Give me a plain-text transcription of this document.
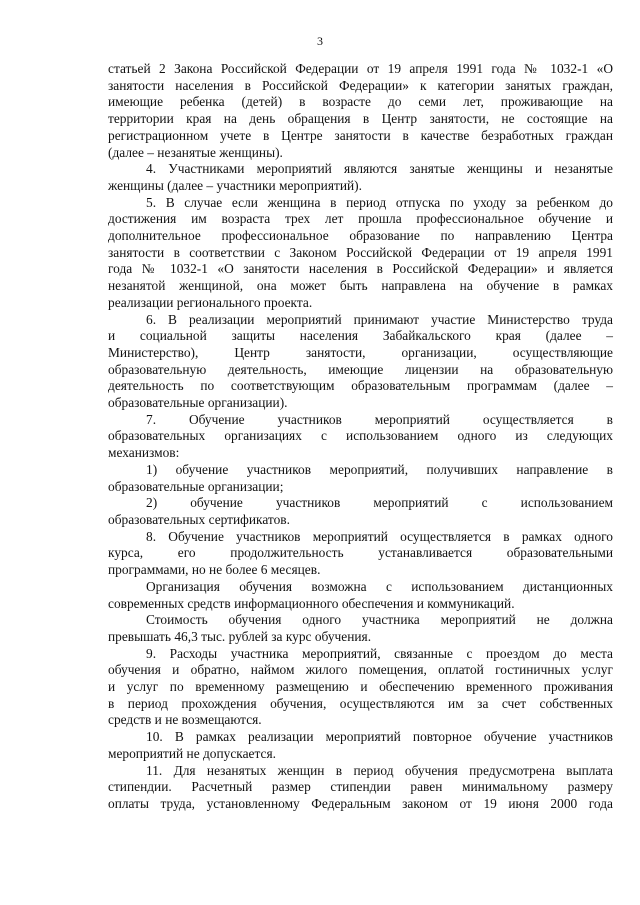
3

статьей 2 Закона Российской Федерации от 19 апреля 1991 года № 1032-1 «О

занятости населения в Российской Федерации» к категории занятых граждан,

имеющие ребенка (детей) в возрасте до семи лет, проживающие на

территории края на день обращения в Центр занятости, не состоящие на

регистрационном учете в Центре занятости в качестве безработных граждан

(далее – незанятые женщины).

4. Участниками мероприятий являются занятые женщины и незанятые

женщины (далее – участники мероприятий).

5. В случае если женщина в период отпуска по уходу за ребенком до

достижения им возраста трех лет прошла профессиональное обучение и

дополнительное профессиональное образование по направлению Центра

занятости в соответствии с Законом Российской Федерации от 19 апреля 1991

года № 1032-1 «О занятости населения в Российской Федерации» и является

незанятой женщиной, она может быть направлена на обучение в рамках

реализации регионального проекта.

6. В реализации мероприятий принимают участие Министерство труда

и социальной защиты населения Забайкальского края (далее –

Министерство), Центр занятости, организации, осуществляющие

образовательную деятельность, имеющие лицензии на образовательную

деятельность по соответствующим образовательным программам (далее –

образовательные организации).

7. Обучение участников мероприятий осуществляется в

образовательных организациях с использованием одного из следующих

механизмов:

1) обучение участников мероприятий, получивших направление в

образовательные организации;

2) обучение участников мероприятий с использованием

образовательных сертификатов.

8. Обучение участников мероприятий осуществляется в рамках одного

курса, его продолжительность устанавливается образовательными

программами, но не более 6 месяцев.

Организация обучения возможна с использованием дистанционных

современных средств информационного обеспечения и коммуникаций.

Стоимость обучения одного участника мероприятий не должна

превышать 46,3 тыс. рублей за курс обучения.

9. Расходы участника мероприятий, связанные с проездом до места

обучения и обратно, наймом жилого помещения, оплатой гостиничных услуг

и услуг по временному размещению и обеспечению временного проживания

в период прохождения обучения, осуществляются им за счет собственных

средств и не возмещаются.

10. В рамках реализации мероприятий повторное обучение участников

мероприятий не допускается.

11. Для незанятых женщин в период обучения предусмотрена выплата

стипендии. Расчетный размер стипендии равен минимальному размеру

оплаты труда, установленному Федеральным законом от 19 июня 2000 года
